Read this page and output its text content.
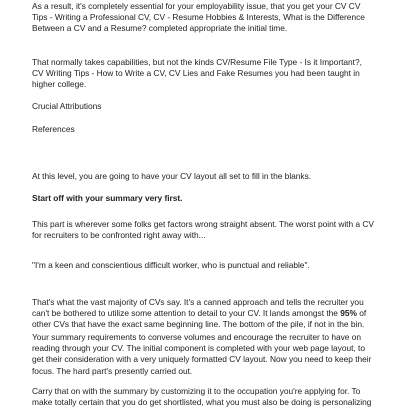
As a result, it's completely essential for your employability issue, that you get your CV CV
Tips - Writing a Professional CV, CV - Resume Hobbies & Interests, What is the Difference
Between a CV and a Resume? completed appropriate the initial time.

That normally takes capabilities, but not the kinds CV/Resume File Type - Is it Important?,
CV Writing Tips - How to Write a CV, CV Lies and Fake Resumes you had been taught in
higher college.

Crucial Attributions

References

At this level, you are going to have your CV layout all set to fill in the blanks.

Start off with your summary very first.

This part is wherever some folks get factors wrong straight absent. The worst point with a CV
for recruiters to be confronted right away with...

"I'm a keen and conscientious difficult worker, who is punctual and reliable".

That's what the vast majority of CVs say. It's a canned approach and tells the recruiter you
can't be bothered to utilize some attention to detail to your CV. It lands amongst the 95% of
other CVs that have the exact same beginning line. The bottom of the pile, if not in the bin.

Your summary requirements to converse volumes and encourage the recruiter to have on
reading through your CV. The initial component is completed with your web page layout, to
get their consideration with a very uniquely formatted CV layout. Now you need to keep their
focus. The hard part's presently carried out.

Carry that on with the summary by customizing it to the occupation you're applying for. To
make totally certain that you do get shortlisted, what you must also be doing is personalizing
